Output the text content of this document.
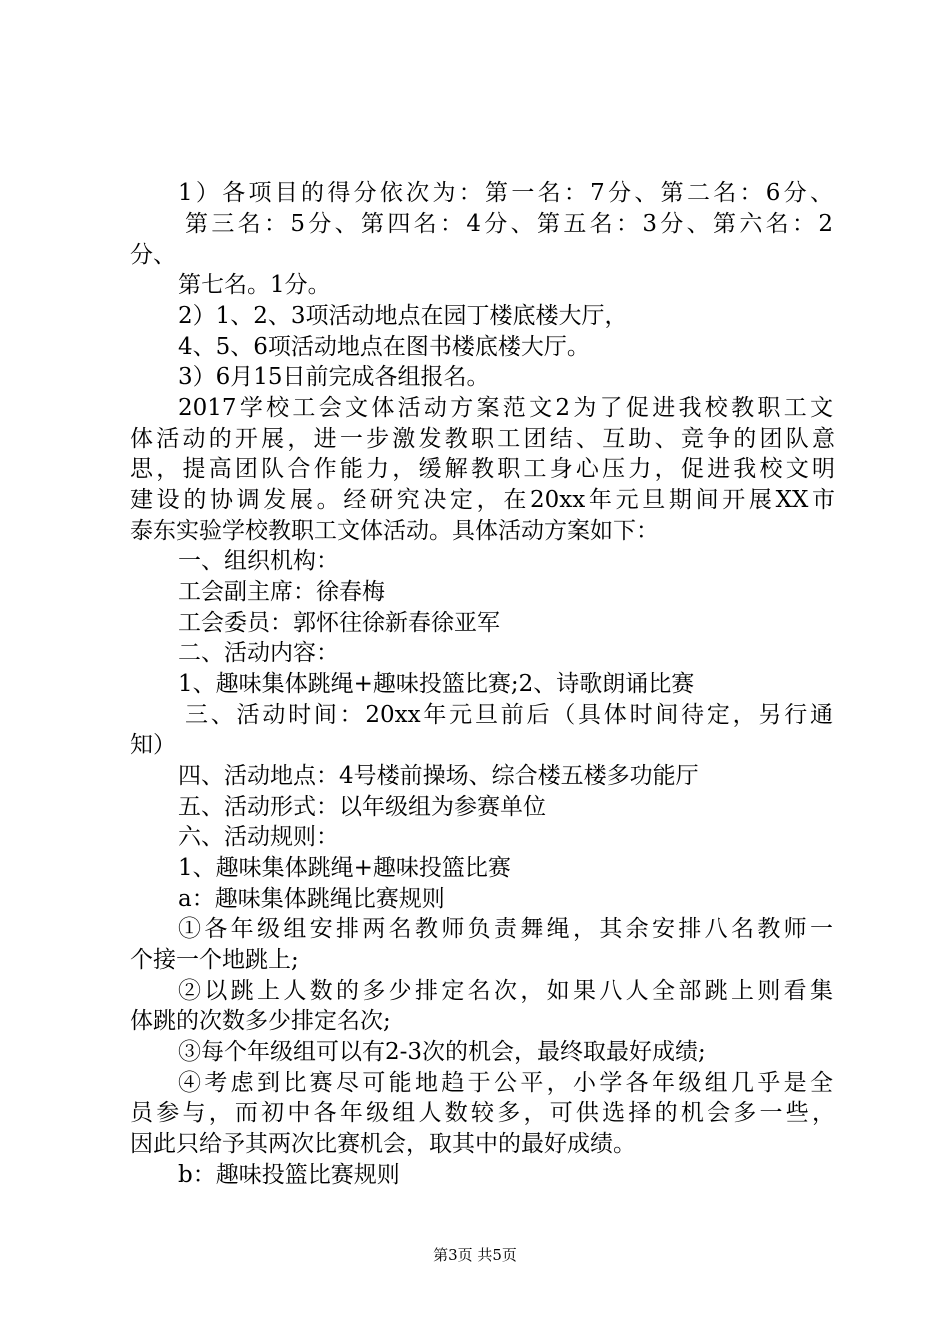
1）各项目的得分依次为：第一名：7分、第二名：6分、
第三名：5分、第四名：4分、第五名：3分、第六名：2
分、
第七名。1分。
2）1、2、3项活动地点在园丁楼底楼大厅，
4、5、6项活动地点在图书楼底楼大厅。
3）6月15日前完成各组报名。
2017学校工会文体活动方案范文2为了促进我校教职工文
体活动的开展，进一步激发教职工团结、互助、竞争的团队意
思，提高团队合作能力，缓解教职工身心压力，促进我校文明
建设的协调发展。经研究决定，在20xx年元旦期间开展XX市
泰东实验学校教职工文体活动。具体活动方案如下：
一、组织机构：
工会副主席：徐春梅
工会委员：郭怀往徐新春徐亚军
二、活动内容：
1、趣味集体跳绳+趣味投篮比赛;2、诗歌朗诵比赛
三、活动时间：20xx年元旦前后（具体时间待定，另行通
知）
四、活动地点：4号楼前操场、综合楼五楼多功能厅
五、活动形式：以年级组为参赛单位
六、活动规则：
1、趣味集体跳绳+趣味投篮比赛
a：趣味集体跳绳比赛规则
①各年级组安排两名教师负责舞绳，其余安排八名教师一
个接一个地跳上;
②以跳上人数的多少排定名次，如果八人全部跳上则看集
体跳的次数多少排定名次;
③每个年级组可以有2-3次的机会，最终取最好成绩;
④考虑到比赛尽可能地趋于公平，小学各年级组几乎是全
员参与，而初中各年级组人数较多，可供选择的机会多一些，
因此只给予其两次比赛机会，取其中的最好成绩。
b：趣味投篮比赛规则
第3页 共5页
